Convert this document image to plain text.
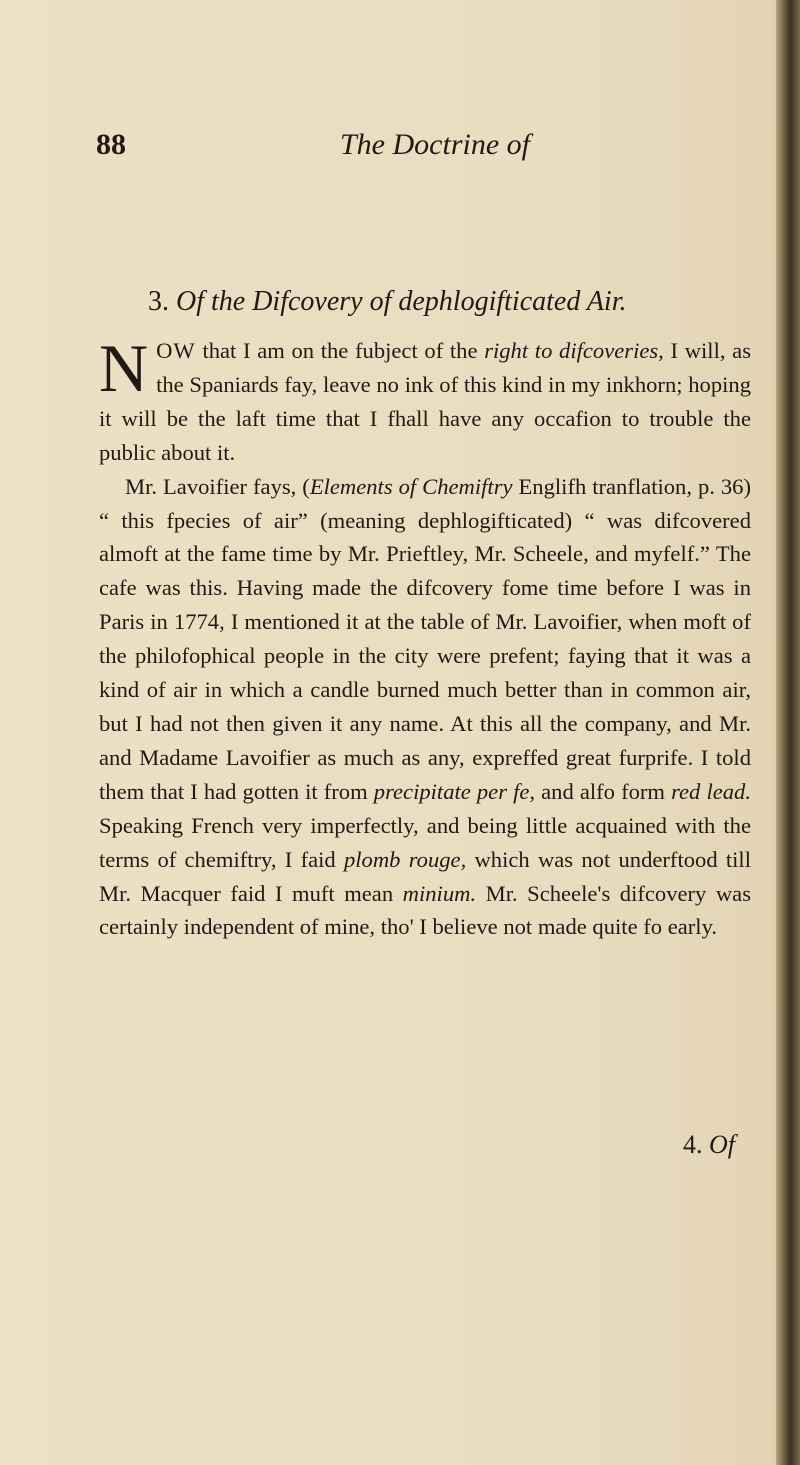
88	The Doctrine of
3. Of the Difcovery of dephlogifticated Air.

NOW that I am on the fubject of the right to difcoveries, I will, as the Spaniards fay, leave no ink of this kind in my inkhorn; hoping it will be the laft time that I fhall have any occafion to trouble the public about it.

Mr. Lavoifier fays, (Elements of Chemiftry Englifh tranflation, p. 36) “ this fpecies of air” (meaning dephlogifticated) “ was difcovered almoft at the fame time by Mr. Prieftley, Mr. Scheele, and myfelf.” The cafe was this. Having made the difcovery fome time before I was in Paris in 1774, I mentioned it at the table of Mr. Lavoifier, when moft of the philofophical people in the city were prefent; faying that it was a kind of air in which a candle burned much better than in common air, but I had not then given it any name. At this all the company, and Mr. and Madame Lavoifier as much as any, expreffed great furprife. I told them that I had gotten it from precipitate per fe, and alfo form red lead. Speaking French very imperfectly, and being little acquained with the terms of chemiftry, I faid plomb rouge, which was not underftood till Mr. Macquer faid I muft mean minium. Mr. Scheele's difcovery was certainly independent of mine, tho' I believe not made quite fo early.

4. Of
